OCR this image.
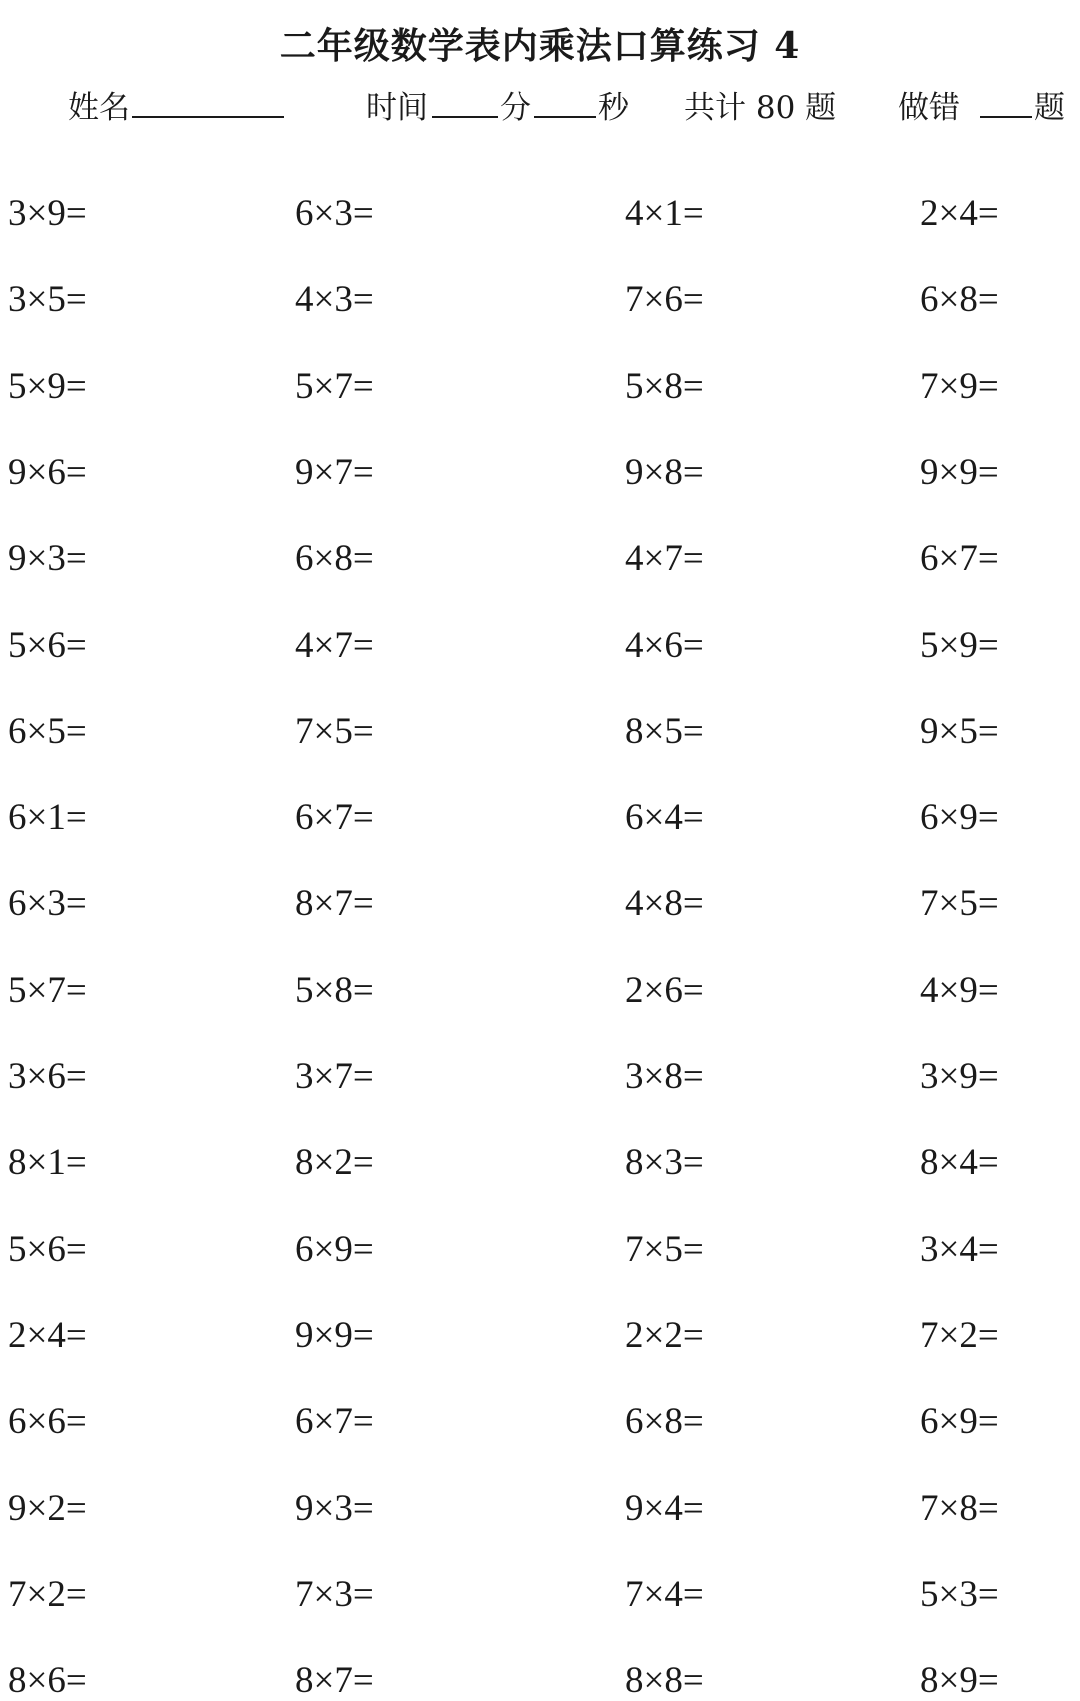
二年级数学表内乘法口算练习 4
姓名	时间 分 秒 共计 80 题 做错 题
3×9=	6×3=	4×1=	2×4=
3×5=	4×3=	7×6=	6×8=
5×9=	5×7=	5×8=	7×9=
9×6=	9×7=	9×8=	9×9=
9×3=	6×8=	4×7=	6×7=
5×6=	4×7=	4×6=	5×9=
6×5=	7×5=	8×5=	9×5=
6×1=	6×7=	6×4=	6×9=
6×3=	8×7=	4×8=	7×5=
5×7=	5×8=	2×6=	4×9=
3×6=	3×7=	3×8=	3×9=
8×1=	8×2=	8×3=	8×4=
5×6=	6×9=	7×5=	3×4=
2×4=	9×9=	2×2=	7×2=
6×6=	6×7=	6×8=	6×9=
9×2=	9×3=	9×4=	7×8=
7×2=	7×3=	7×4=	5×3=
8×6=	8×7=	8×8=	8×9=
